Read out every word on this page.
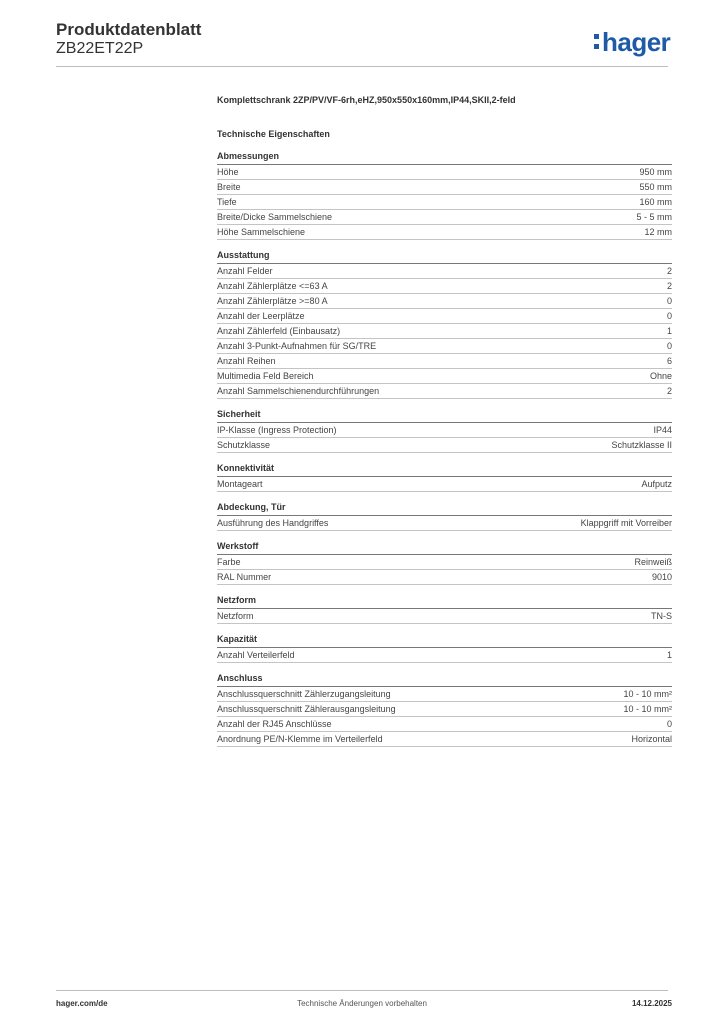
Produktdatenblatt
ZB22ET22P	hager
Komplettschrank 2ZP/PV/VF-6rh,eHZ,950x550x160mm,IP44,SKII,2-feld
Technische Eigenschaften
Abmessungen
Höhe	950 mm
Breite	550 mm
Tiefe	160 mm
Breite/Dicke Sammelschiene	5 - 5 mm
Höhe Sammelschiene	12 mm
Ausstattung
Anzahl Felder	2
Anzahl Zählerplätze <=63 A	2
Anzahl Zählerplätze >=80 A	0
Anzahl der Leerplätze	0
Anzahl Zählerfeld (Einbausatz)	1
Anzahl 3-Punkt-Aufnahmen für SG/TRE	0
Anzahl Reihen	6
Multimedia Feld Bereich	Ohne
Anzahl Sammelschienendurchführungen	2
Sicherheit
IP-Klasse (Ingress Protection)	IP44
Schutzklasse	Schutzklasse II
Konnektivität
Montageart	Aufputz
Abdeckung, Tür
Ausführung des Handgriffes	Klappgriff mit Vorreiber
Werkstoff
Farbe	Reinweiß
RAL Nummer	9010
Netzform
Netzform	TN-S
Kapazität
Anzahl Verteilerfeld	1
Anschluss
Anschlussquerschnitt Zählerzugangsleitung	10 - 10 mm²
Anschlussquerschnitt Zählerausgangsleitung	10 - 10 mm²
Anzahl der RJ45 Anschlüsse	0
Anordnung PE/N-Klemme im Verteilerfeld	Horizontal
hager.com/de	Technische Änderungen vorbehalten	14.12.2025
